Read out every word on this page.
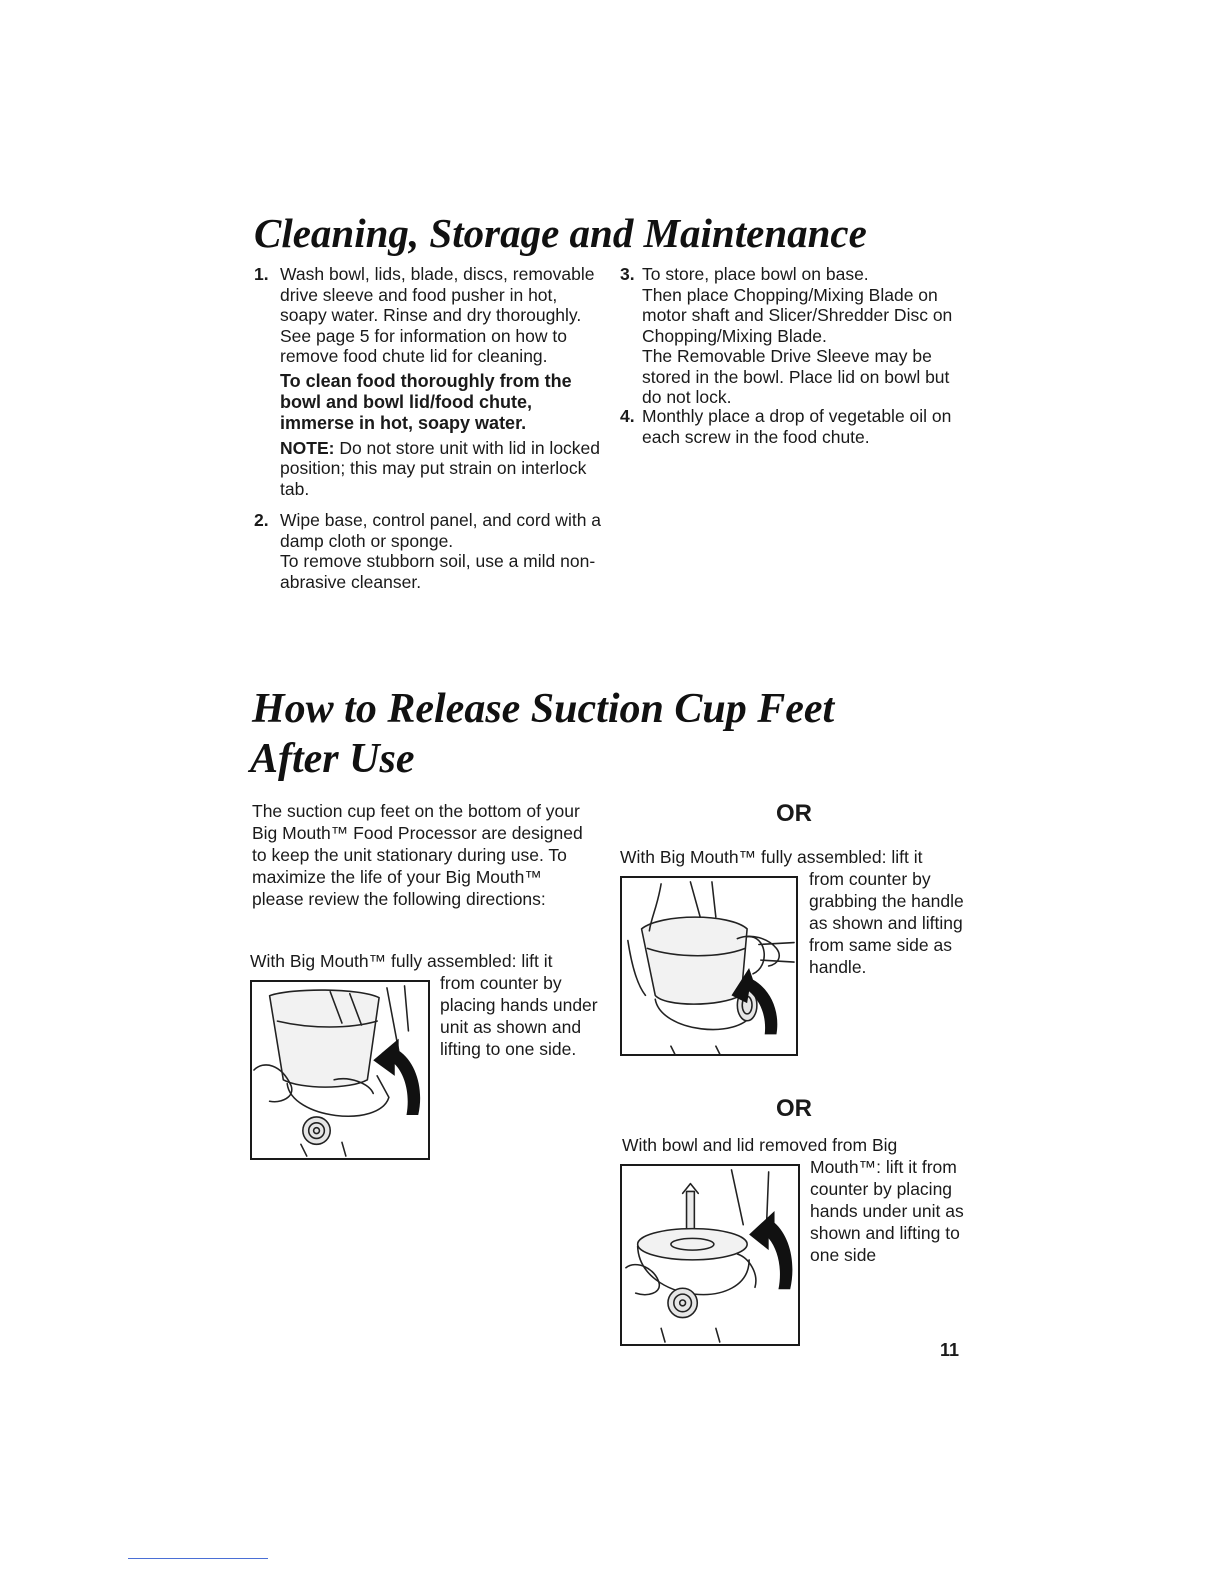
Cleaning, Storage and Maintenance
1. Wash bowl, lids, blade, discs, removable drive sleeve and food pusher in hot, soapy water. Rinse and dry thoroughly. See page 5 for information on how to remove food chute lid for cleaning.

To clean food thoroughly from the bowl and bowl lid/food chute, immerse in hot, soapy water.

NOTE: Do not store unit with lid in locked position; this may put strain on interlock tab.

2. Wipe base, control panel, and cord with a damp cloth or sponge.

To remove stubborn soil, use a mild non-abrasive cleanser.

3. To store, place bowl on base.

Then place Chopping/Mixing Blade on motor shaft and Slicer/Shredder Disc on Chopping/Mixing Blade.

The Removable Drive Sleeve may be stored in the bowl. Place lid on bowl but do not lock.

4. Monthly place a drop of vegetable oil on each screw in the food chute.

How to Release Suction Cup Feet
After Use

The suction cup feet on the bottom of your Big Mouth™ Food Processor are designed to keep the unit stationary during use. To maximize the life of your Big Mouth™ please review the following directions:

With Big Mouth™ fully assembled: lift it

from counter by placing hands under unit as shown and lifting to one side.

OR

With Big Mouth™ fully assembled: lift it

from counter by grabbing the handle as shown and lifting from same side as handle.

OR

With bowl and lid removed from Big

Mouth™: lift it from counter by placing hands under unit as shown and lifting to one side

11
